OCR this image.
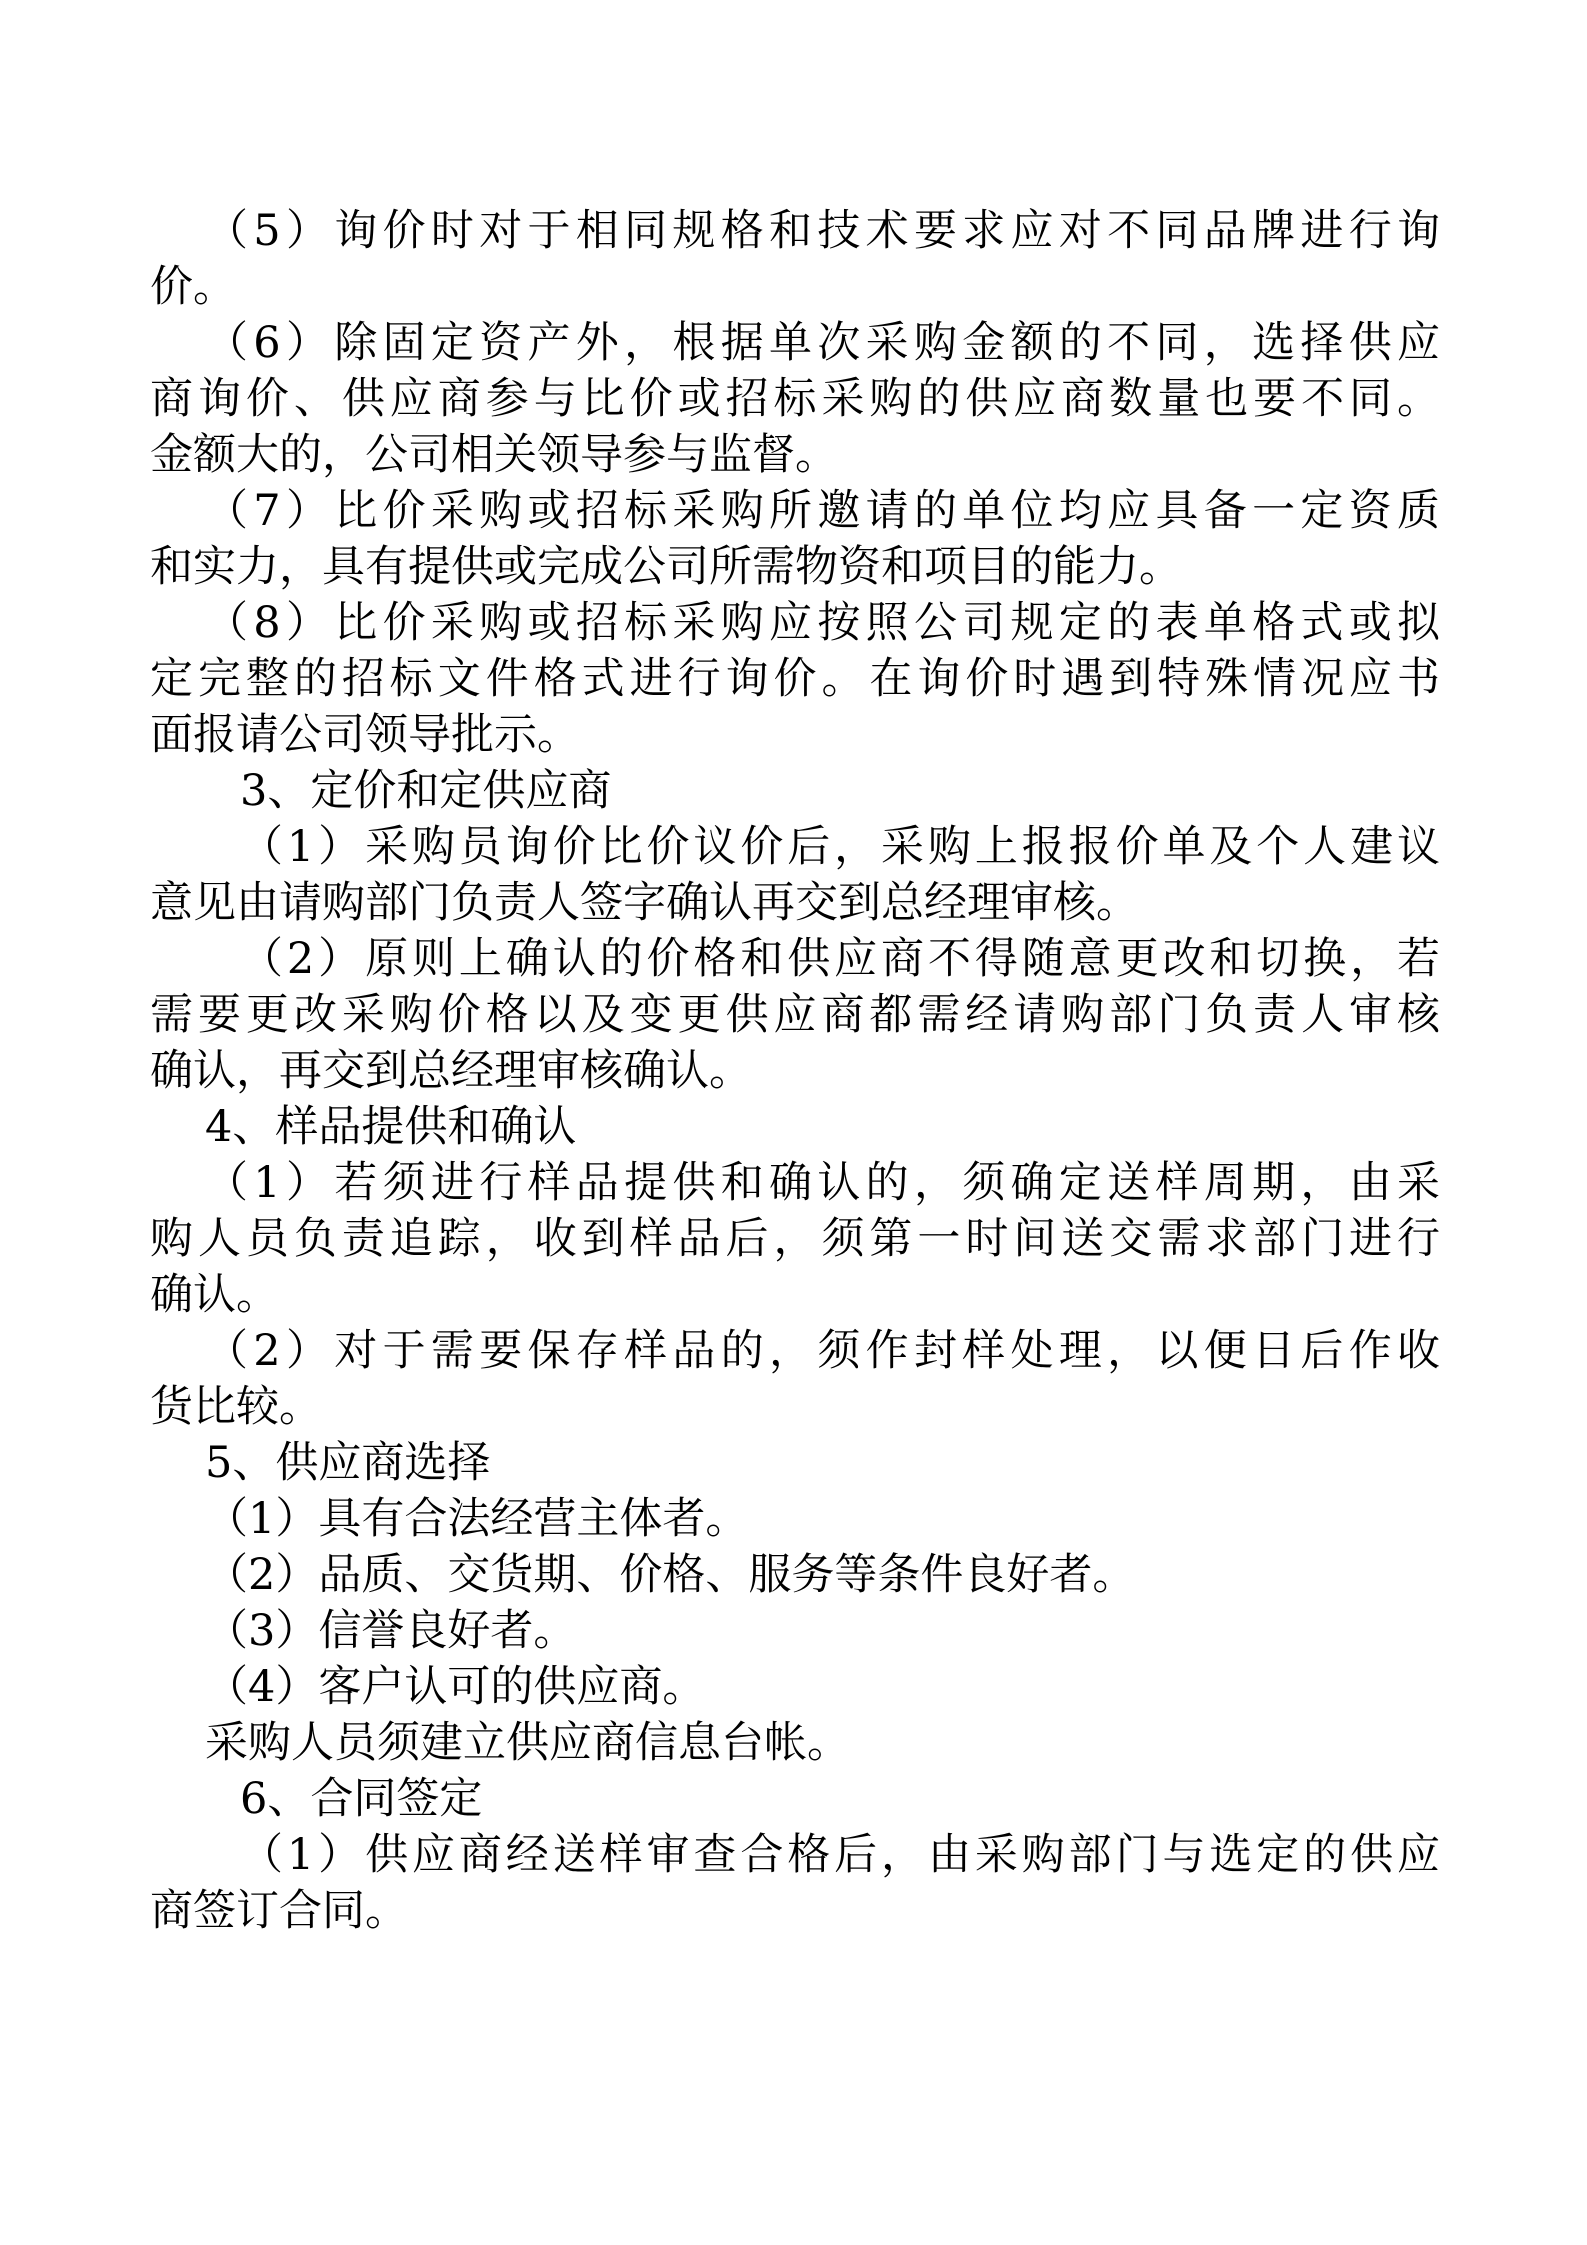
（5）询价时对于相同规格和技术要求应对不同品牌进行询

价。

（6）除固定资产外，根据单次采购金额的不同，选择供应

商询价、供应商参与比价或招标采购的供应商数量也要不同。

金额大的，公司相关领导参与监督。

（7）比价采购或招标采购所邀请的单位均应具备一定资质

和实力，具有提供或完成公司所需物资和项目的能力。

（8）比价采购或招标采购应按照公司规定的表单格式或拟

定完整的招标文件格式进行询价。在询价时遇到特殊情况应书

面报请公司领导批示。

3、定价和定供应商

（1）采购员询价比价议价后，采购上报报价单及个人建议

意见由请购部门负责人签字确认再交到总经理审核。

（2）原则上确认的价格和供应商不得随意更改和切换，若

需要更改采购价格以及变更供应商都需经请购部门负责人审核

确认，再交到总经理审核确认。

4、样品提供和确认

（1）若须进行样品提供和确认的，须确定送样周期，由采

购人员负责追踪，收到样品后，须第一时间送交需求部门进行

确认。

（2）对于需要保存样品的，须作封样处理，以便日后作收

货比较。

5、供应商选择

（1）具有合法经营主体者。

（2）品质、交货期、价格、服务等条件良好者。

（3）信誉良好者。

（4）客户认可的供应商。

采购人员须建立供应商信息台帐。

6、合同签定

（1）供应商经送样审查合格后，由采购部门与选定的供应

商签订合同。
